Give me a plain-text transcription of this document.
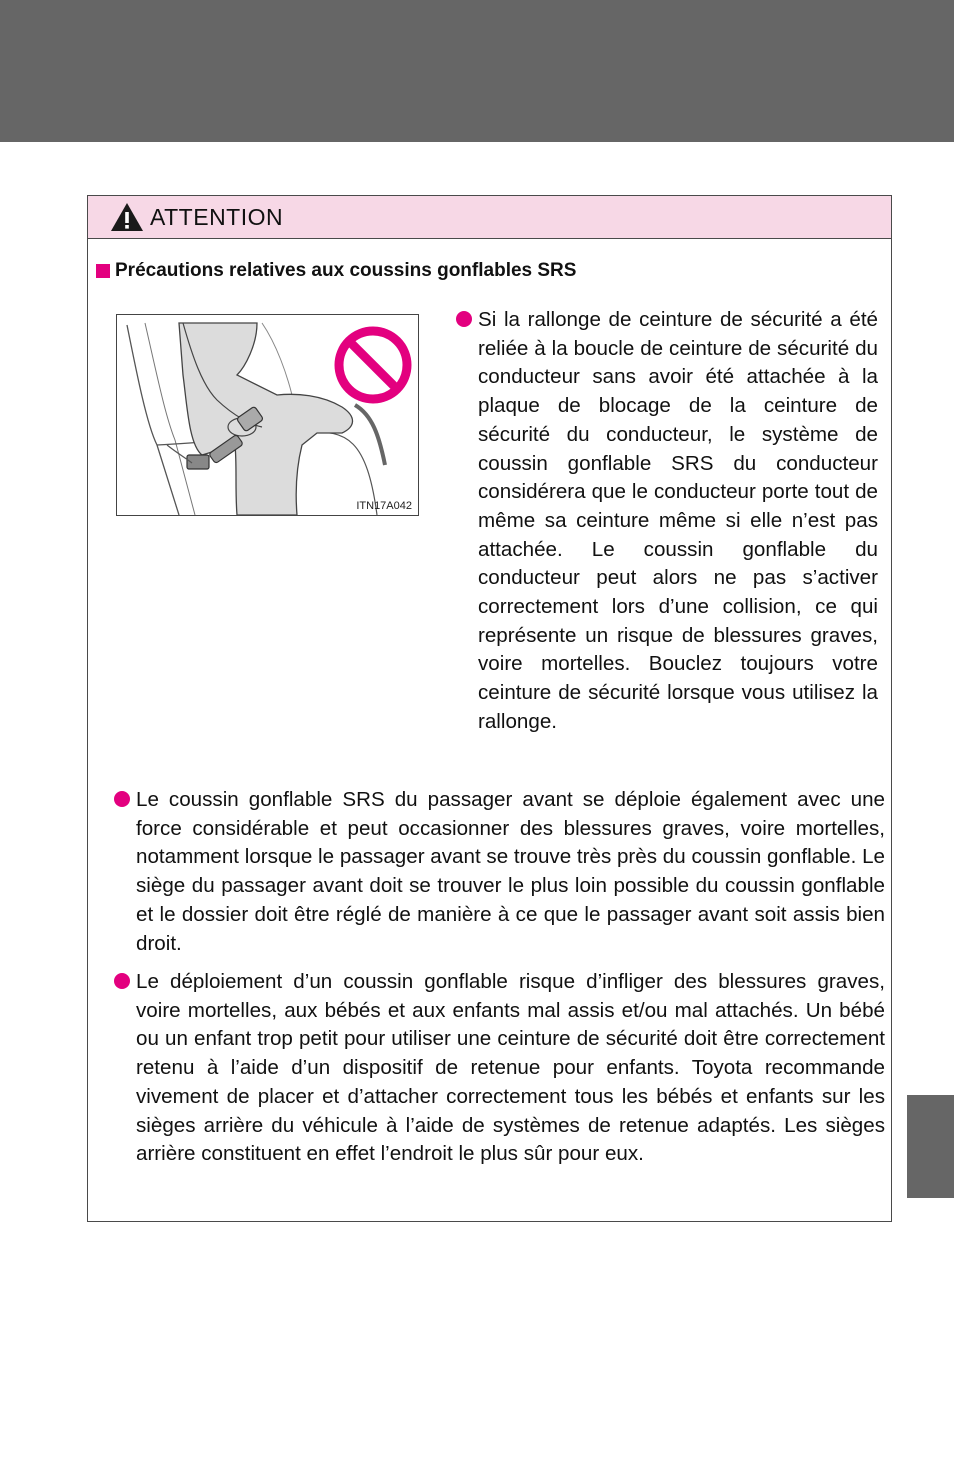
ATTENTION
Précautions relatives aux coussins gonflables SRS
ITN17A042
Si la rallonge de ceinture de sécurité a été reliée à la boucle de ceinture de sécurité du conducteur sans avoir été attachée à la plaque de blocage de la ceinture de sécurité du conducteur, le système de coussin gonflable SRS du conducteur considérera que le conducteur porte tout de même sa ceinture même si elle n’est pas attachée. Le coussin gonflable du conducteur peut alors ne pas s’activer correctement lors d’une collision, ce qui représente un risque de blessures graves, voire mortelles. Bouclez toujours votre ceinture de sécurité lorsque vous utilisez la rallonge.
Le coussin gonflable SRS du passager avant se déploie également avec une force considérable et peut occasionner des blessures graves, voire mortelles, notamment lorsque le passager avant se trouve très près du coussin gonflable. Le siège du passager avant doit se trouver le plus loin possible du coussin gonflable et le dossier doit être réglé de manière à ce que le passager avant soit assis bien droit.
Le déploiement d’un coussin gonflable risque d’infliger des blessures graves, voire mortelles, aux bébés et aux enfants mal assis et/ou mal attachés. Un bébé ou un enfant trop petit pour utiliser une ceinture de sécurité doit être correctement retenu à l’aide d’un dispositif de retenue pour enfants. Toyota recommande vivement de placer et d’attacher correctement tous les bébés et enfants sur les sièges arrière du véhicule à l’aide de systèmes de retenue adaptés. Les sièges arrière constituent en effet l’endroit le plus sûr pour eux.
